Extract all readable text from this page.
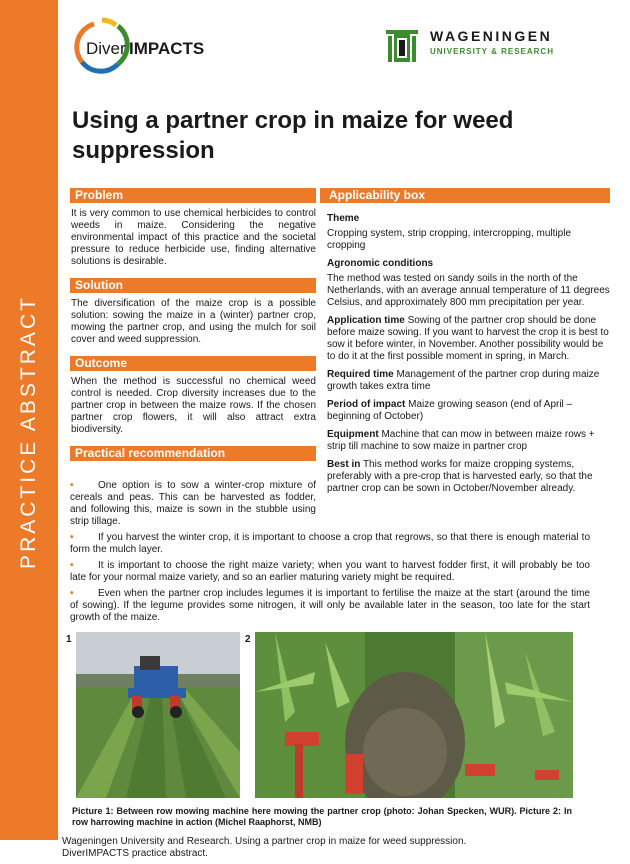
PRACTICE ABSTRACT
Diver IMPACTS
WAGENINGEN
UNIVERSITY & RESEARCH
Using a partner crop in maize for weed suppression
Problem

It is very common to use chemical herbicides to control weeds in maize. Considering the negative environmental impact of this practice and the societal pressure to reduce herbicide use, finding alternative solutions is desirable.

Solution

The diversification of the maize crop is a possible solution: sowing the maize in a (winter) partner crop, mowing the partner crop, and using the mulch for soil cover and weed suppression.

Outcome

When the method is successful no chemical weed control is needed. Crop diversity increases due to the partner crop in between the maize rows. If the chosen partner crop flowers, it will also attract extra biodiversity.

Practical recommendation
Applicability box
Theme
Cropping system, strip cropping, intercropping, multiple cropping
Agronomic conditions
The method was tested on sandy soils in the north of the Netherlands, with an average annual temperature of 11 degrees Celsius, and approximately 800 mm precipitation per year.
Application time Sowing of the partner crop should be done before maize sowing. If you want to harvest the crop it is best to sow it before winter, in November. Another possibility would be to do it at the first possible moment in spring, in March.
Required time Management of the partner crop during maize growth takes extra time
Period of impact Maize growing season (end of April – beginning of October)
Equipment Machine that can mow in between maize rows + strip till machine to sow maize in partner crop
Best in This method works for maize cropping systems, preferably with a pre-crop that is harvested early, so that the partner crop can be sown in October/November already.
• One option is to sow a winter-crop mixture of cereals and peas. This can be harvested as fodder, and following this, maize is sown in the stubble using strip tillage.
• If you harvest the winter crop, it is important to choose a crop that regrows, so that there is enough material to form the mulch layer.
• It is important to choose the right maize variety; when you want to harvest fodder first, it will probably be too late for your normal maize variety, and so an earlier maturing variety might be required.
• Even when the partner crop includes legumes it is important to fertilise the maize at the start (around the time of sowing). If the legume provides some nitrogen, it will only be available later in the season, too late for the start growth of the maize.
1	2
Picture 1: Between row mowing machine here mowing the partner crop (photo: Johan Specken, WUR). Picture 2: In row harrowing machine in action (Michel Raaphorst, NMB)
Wageningen University and Research. Using a partner crop in maize for weed suppression.
DiverIMPACTS practice abstract.
